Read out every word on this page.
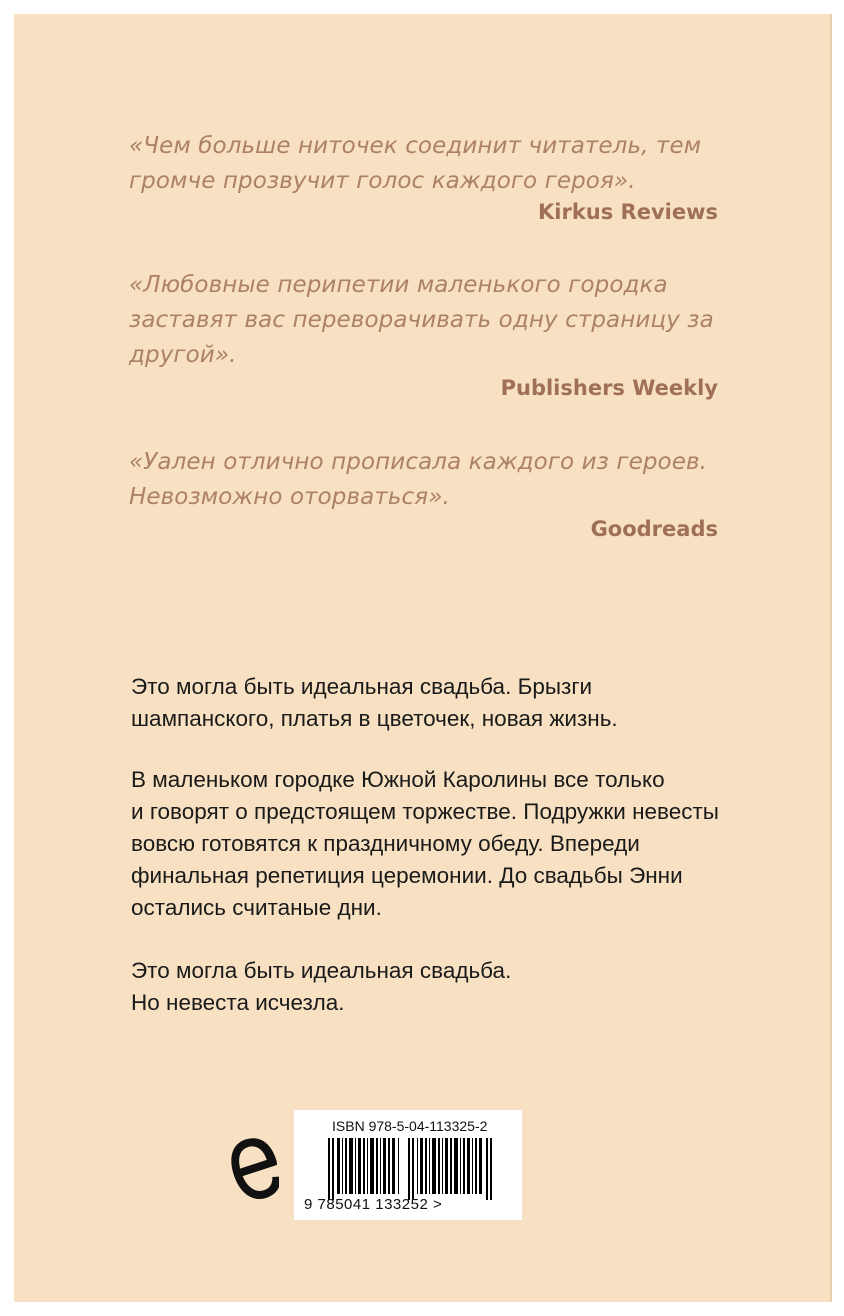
«Чем больше ниточек соединит читатель, тем
громче прозвучит голос каждого героя».
Kirkus Reviews
«Любовные перипетии маленького городка
заставят вас переворачивать одну страницу за
другой».
Publishers Weekly
«Уален отлично прописала каждого из героев.
Невозможно оторваться».
Goodreads

Это могла быть идеальная свадьба. Брызги

шампанского, платья в цветочек, новая жизнь.

В маленьком городке Южной Каролины все только

и говорят о предстоящем торжестве. Подружки невесты

вовсю готовятся к праздничному обеду. Впереди

финальная репетиция церемонии. До свадьбы Энни

остались считаные дни.

Это могла быть идеальная свадьба.

Но невеста исчезла.

ISBN 978-5-04-113325-2
9 785041 133252 >
